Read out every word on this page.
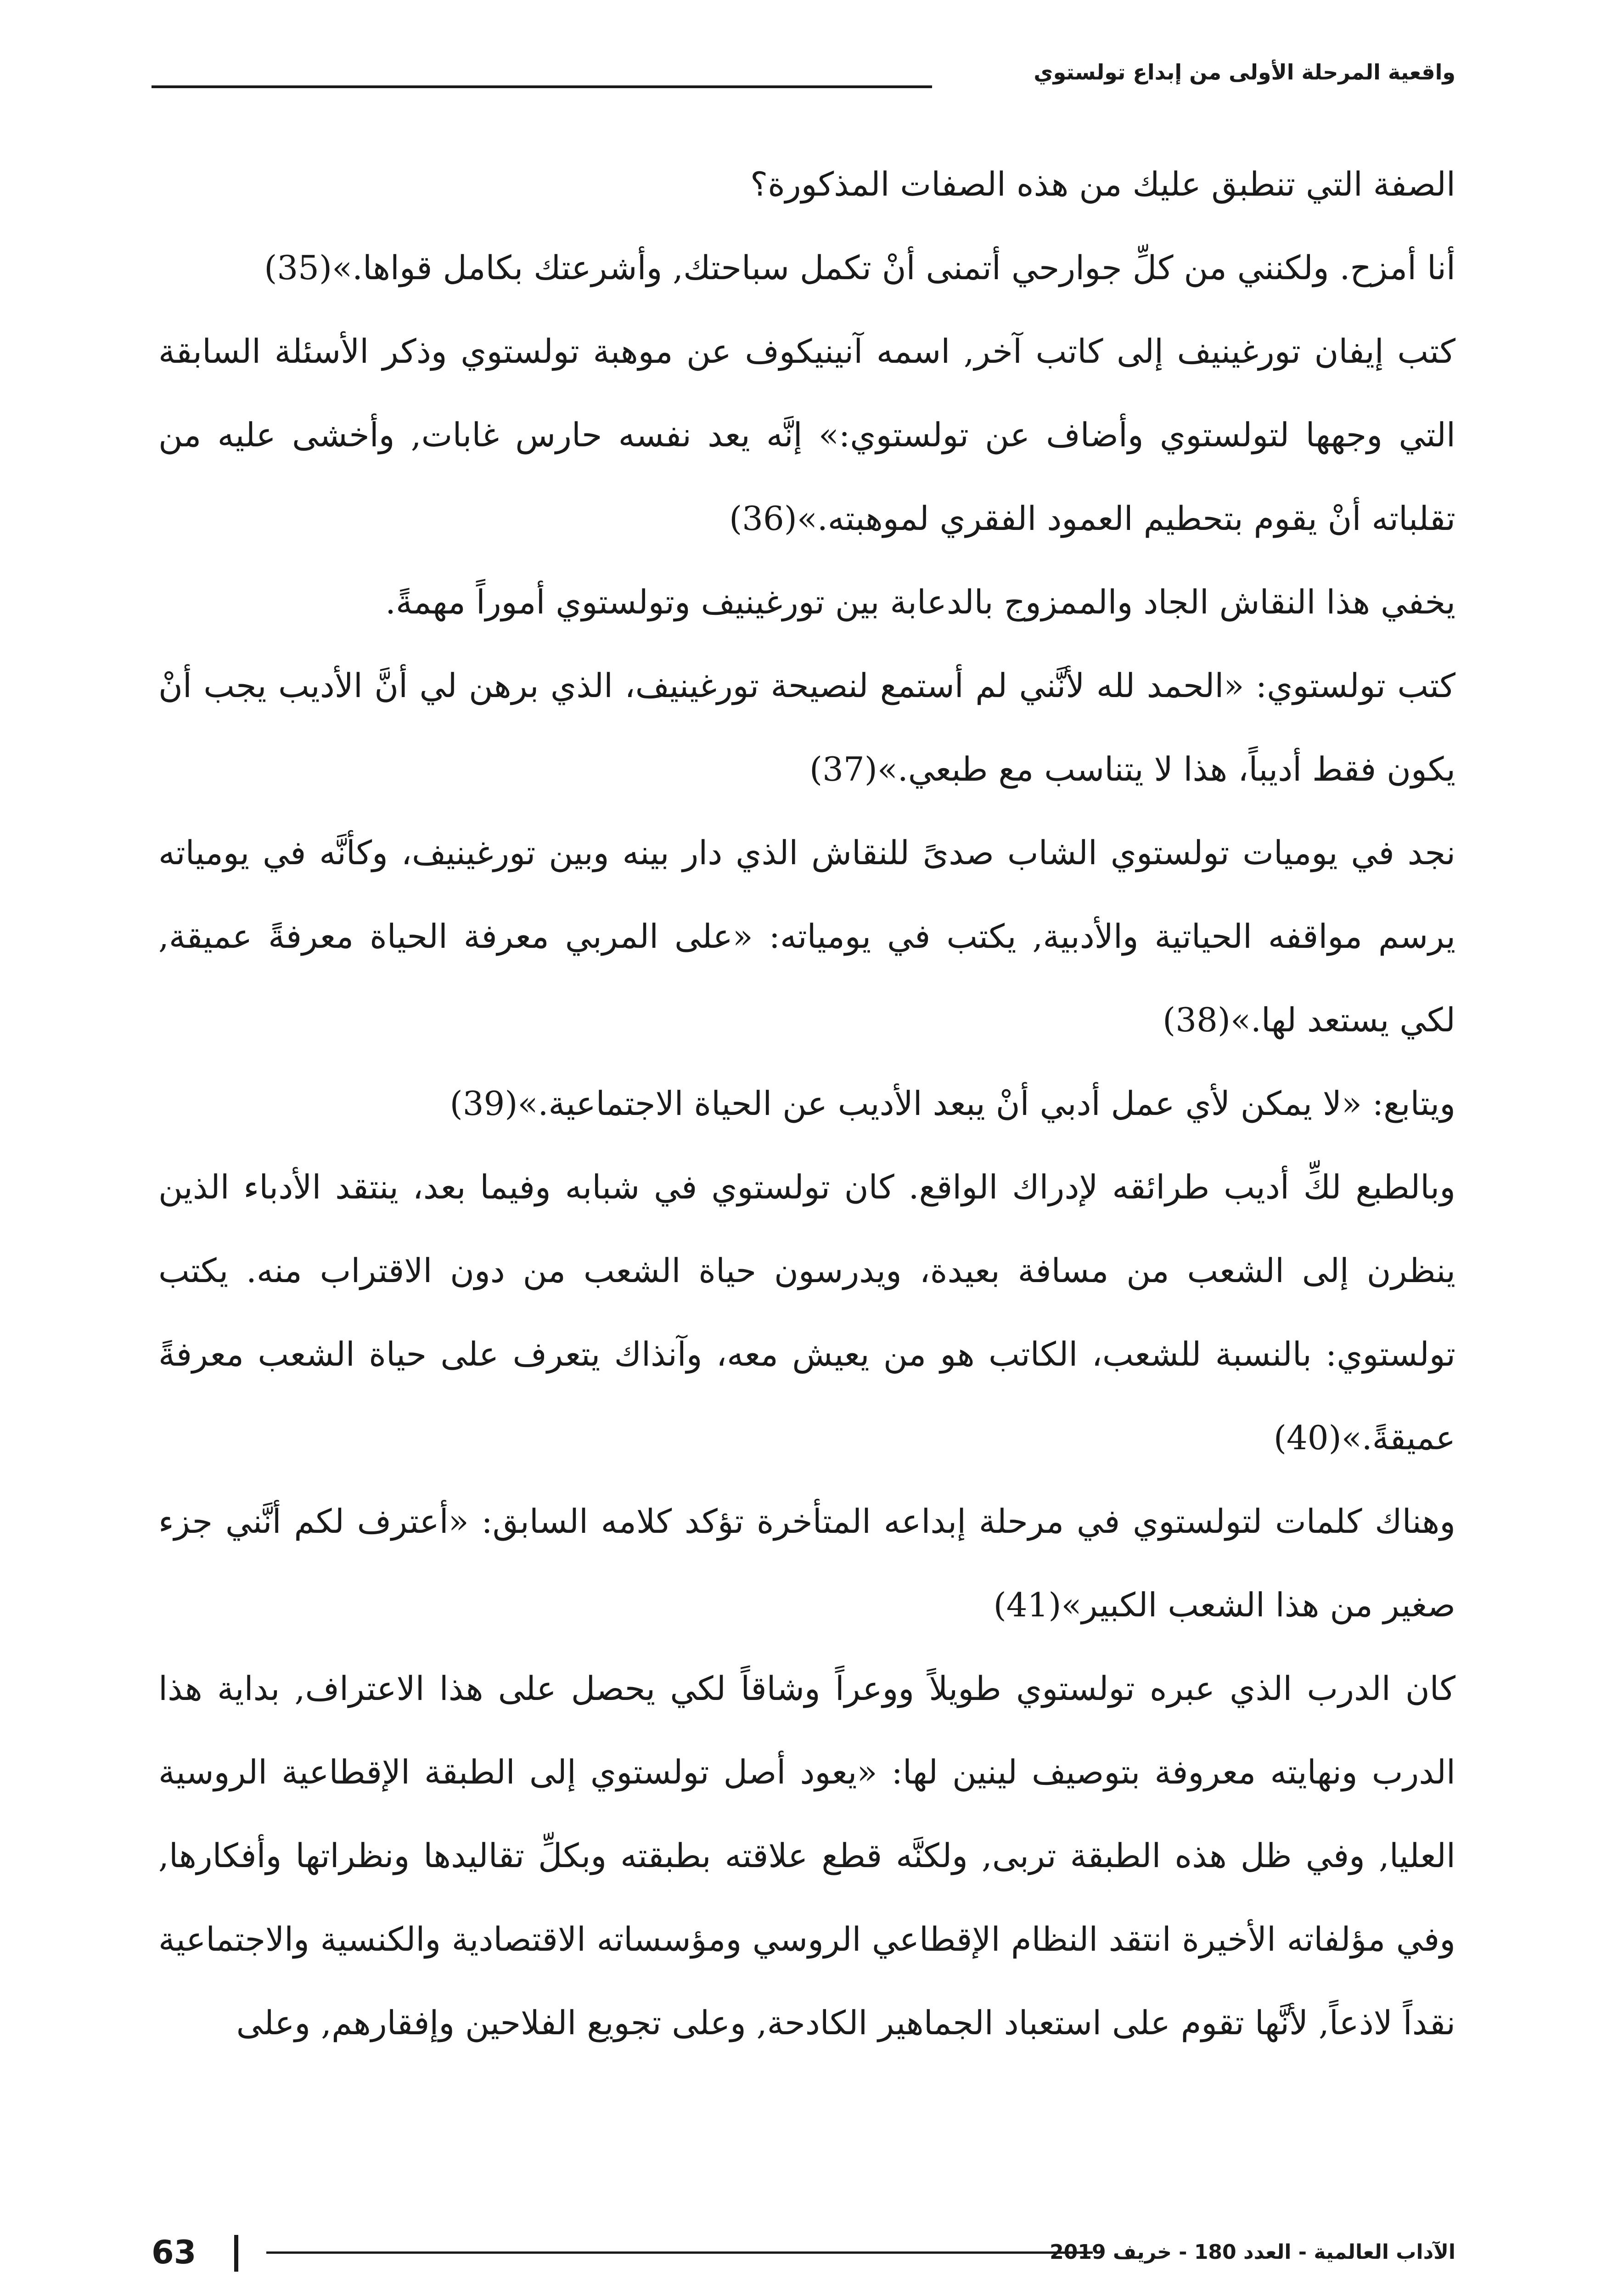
واقعية المرحلة الأولى من إبداع تولستوي

الصفة التي تنطبق عليك من هذه الصفات المذكورة؟

أنا أمزح. ولكنني من كلِّ جوارحي أتمنى أنْ تكمل سباحتك, وأشرعتك بكامل قواها.»(35)

كتب إيفان تورغينيف إلى كاتب آخر, اسمه آنينيكوف عن موهبة تولستوي وذكر الأسئلة السابقة التي وجهها لتولستوي وأضاف عن تولستوي:» إنَّه يعد نفسه حارس غابات, وأخشى عليه من تقلباته أنْ يقوم بتحطيم العمود الفقري لموهبته.»(36)

يخفي هذا النقاش الجاد والممزوج بالدعابة بين تورغينيف وتولستوي أموراً مهمةً.

كتب تولستوي: «الحمد لله لأنَّني لم أستمع لنصيحة تورغينيف، الذي برهن لي أنَّ الأديب يجب أنْ يكون فقط أديباً، هذا لا يتناسب مع طبعي.»(37)

نجد في يوميات تولستوي الشاب صدىً للنقاش الذي دار بينه وبين تورغينيف، وكأنَّه في يومياته يرسم مواقفه الحياتية والأدبية, يكتب في يومياته: «على المربي معرفة الحياة معرفةً عميقة, لكي يستعد لها.»(38)

ويتابع: «لا يمكن لأي عمل أدبي أنْ يبعد الأديب عن الحياة الاجتماعية.»(39)

وبالطبع لكِّ أديب طرائقه لإدراك الواقع. كان تولستوي في شبابه وفيما بعد، ينتقد الأدباء الذين ينظرن إلى الشعب من مسافة بعيدة، ويدرسون حياة الشعب من دون الاقتراب منه. يكتب تولستوي: بالنسبة للشعب، الكاتب هو من يعيش معه، وآنذاك يتعرف على حياة الشعب معرفةً عميقةً.»(40)

وهناك كلمات لتولستوي في مرحلة إبداعه المتأخرة تؤكد كلامه السابق: «أعترف لكم أنَّني جزء صغير من هذا الشعب الكبير»(41)

كان الدرب الذي عبره تولستوي طويلاً ووعراً وشاقاً لكي يحصل على هذا الاعتراف, بداية هذا الدرب ونهايته معروفة بتوصيف لينين لها: «يعود أصل تولستوي إلى الطبقة الإقطاعية الروسية العليا, وفي ظل هذه الطبقة تربى, ولكنَّه قطع علاقته بطبقته وبكلِّ تقاليدها ونظراتها وأفكارها, وفي مؤلفاته الأخيرة انتقد النظام الإقطاعي الروسي ومؤسساته الاقتصادية والكنسية والاجتماعية نقداً لاذعاً, لأنَّها تقوم على استعباد الجماهير الكادحة, وعلى تجويع الفلاحين وإفقارهم, وعلى

63	الآداب العالمية - العدد 180 - خريف 2019
